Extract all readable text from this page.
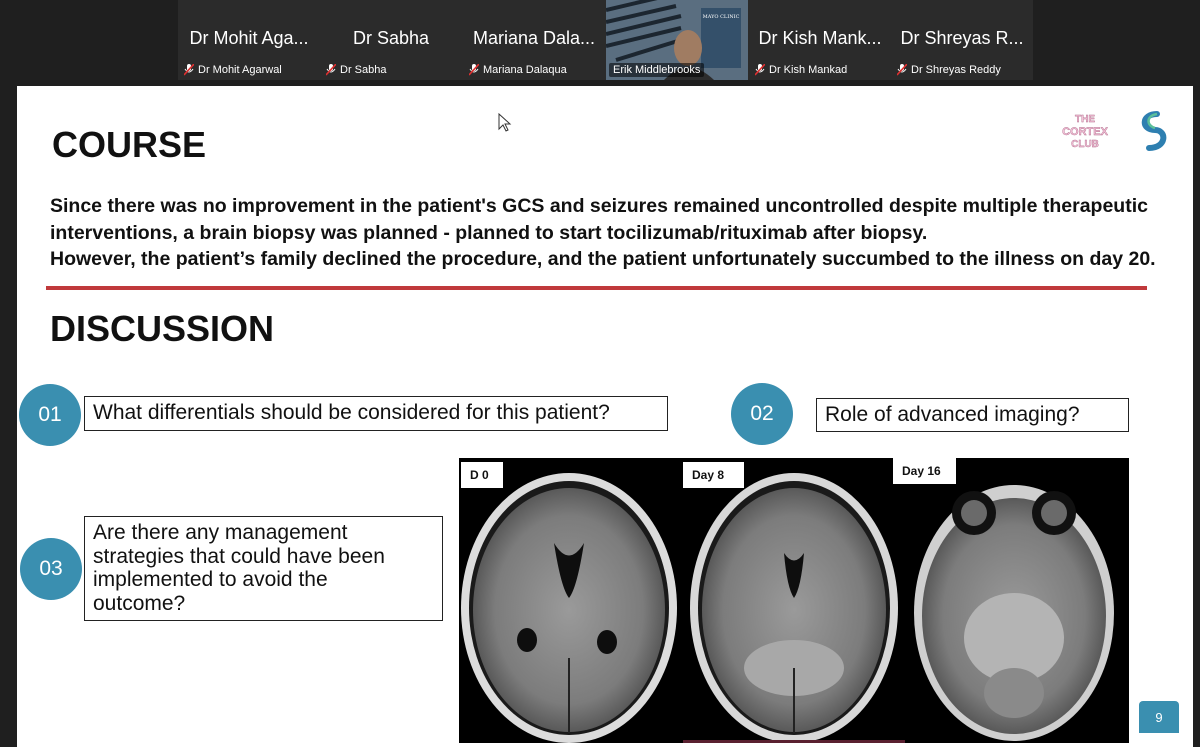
Dr Mohit Aga...
Dr Mohit Agarwal
Dr Sabha
Dr Sabha
Mariana Dala...
Mariana Dalaqua
MAYO CLINIC
Erik Middlebrooks
Dr Kish Mank...
Dr Kish Mankad
Dr Shreyas R...
Dr Shreyas Reddy
COURSE
THE
CORTEX
CLUB
Since there was no improvement in the patient's GCS and seizures remained uncontrolled despite multiple therapeutic
interventions, a brain biopsy was planned - planned to start tocilizumab/rituximab after biopsy.
However, the patient’s family declined the procedure, and the patient unfortunately succumbed to the illness on day 20.
DISCUSSION
01	What differentials should be considered for this patient?	02	Role of advanced imaging?
03
Are there any management
strategies that could have been
implemented to avoid the
outcome?
D 0	Day 8	Day 16
9
